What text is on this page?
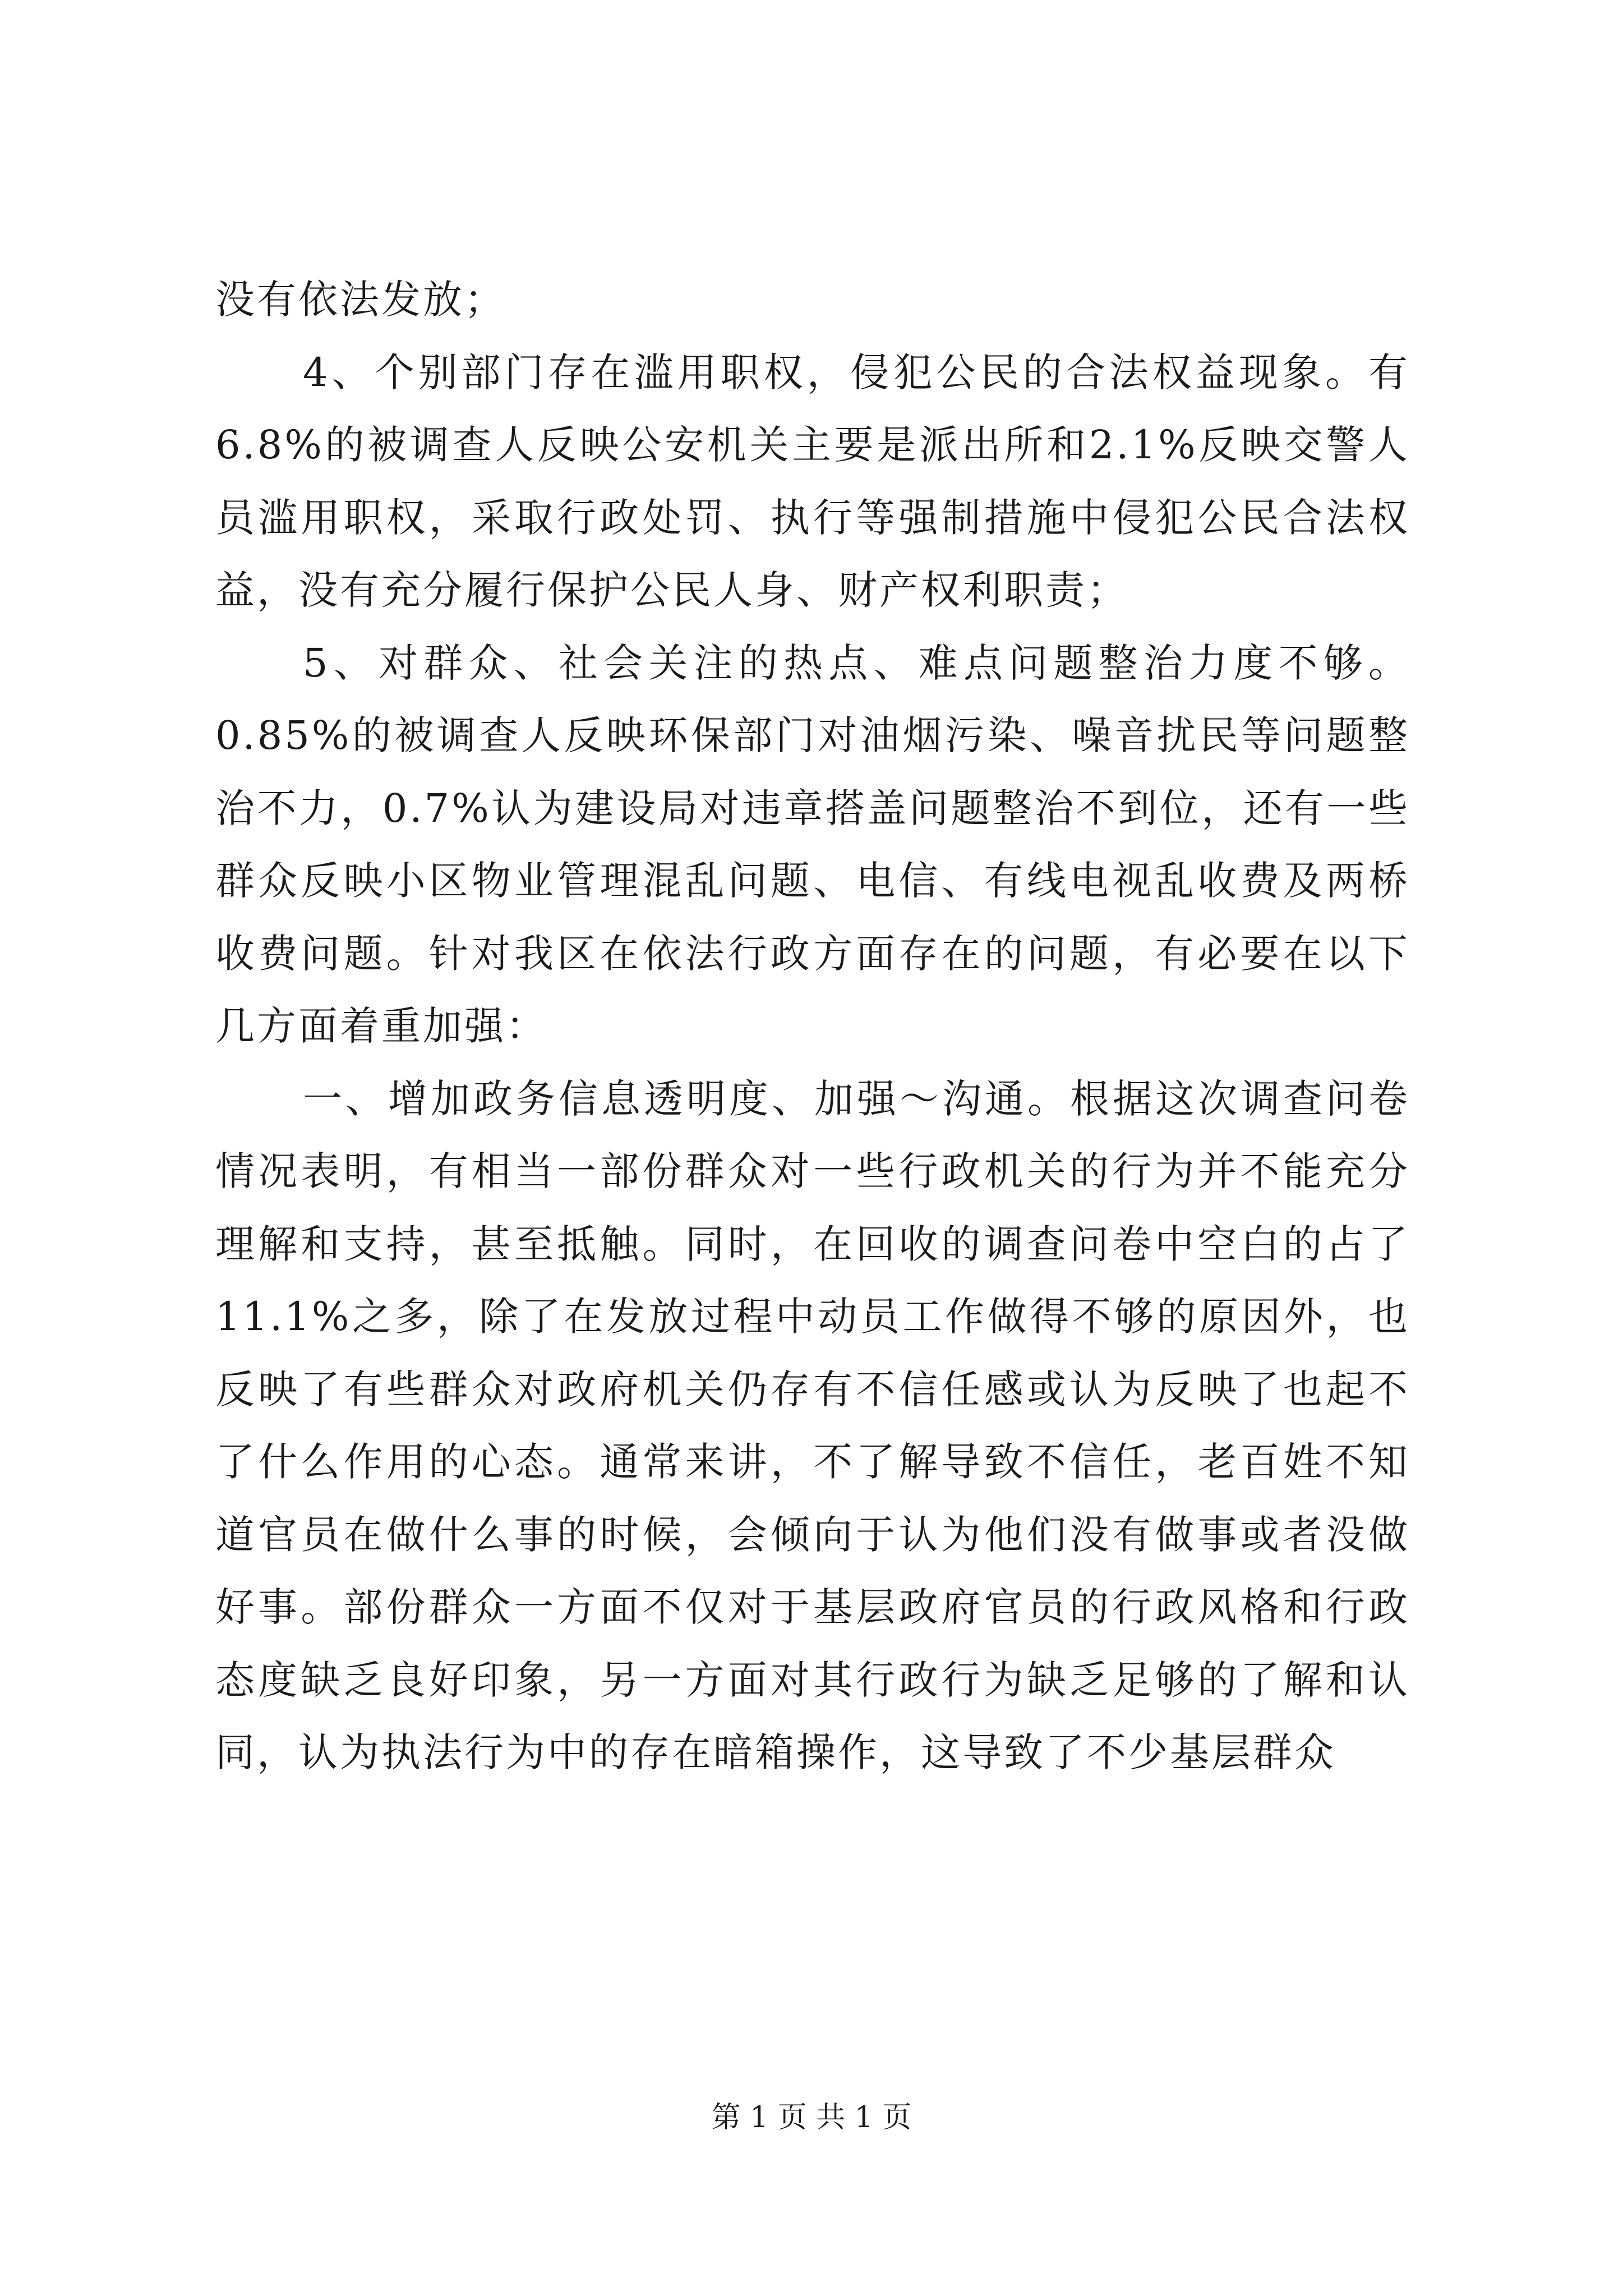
没有依法发放；

4、个别部门存在滥用职权，侵犯公民的合法权益现象。有6.8%的被调查人反映公安机关主要是派出所和2.1%反映交警人员滥用职权，采取行政处罚、执行等强制措施中侵犯公民合法权益，没有充分履行保护公民人身、财产权利职责；

5、对群众、社会关注的热点、难点问题整治力度不够。0.85%的被调查人反映环保部门对油烟污染、噪音扰民等问题整治不力，0.7%认为建设局对违章搭盖问题整治不到位，还有一些群众反映小区物业管理混乱问题、电信、有线电视乱收费及两桥收费问题。针对我区在依法行政方面存在的问题，有必要在以下几方面着重加强：

一、增加政务信息透明度、加强～沟通。根据这次调查问卷情况表明，有相当一部份群众对一些行政机关的行为并不能充分理解和支持，甚至抵触。同时，在回收的调查问卷中空白的占了11.1%之多，除了在发放过程中动员工作做得不够的原因外，也反映了有些群众对政府机关仍存有不信任感或认为反映了也起不了什么作用的心态。通常来讲，不了解导致不信任，老百姓不知道官员在做什么事的时候，会倾向于认为他们没有做事或者没做好事。部份群众一方面不仅对于基层政府官员的行政风格和行政态度缺乏良好印象，另一方面对其行政行为缺乏足够的了解和认同，认为执法行为中的存在暗箱操作，这导致了不少基层群众

第 1 页 共 1 页
